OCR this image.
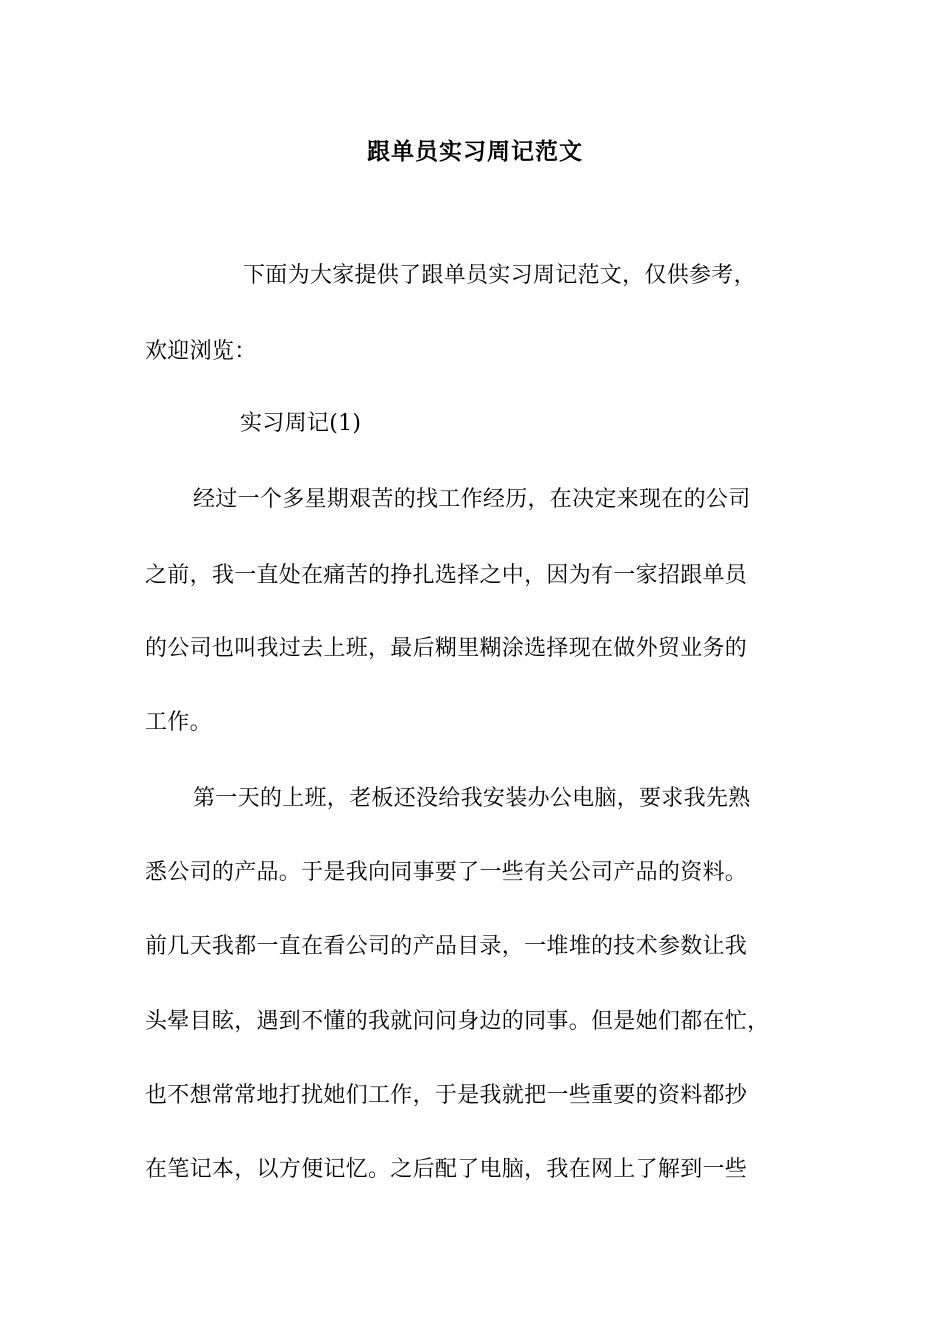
跟单员实习周记范文
下面为大家提供了跟单员实习周记范文，仅供参考，
欢迎浏览：
实习周记(1)
经过一个多星期艰苦的找工作经历，在决定来现在的公司
之前，我一直处在痛苦的挣扎选择之中，因为有一家招跟单员
的公司也叫我过去上班，最后糊里糊涂选择现在做外贸业务的
工作。
第一天的上班，老板还没给我安装办公电脑，要求我先熟
悉公司的产品。于是我向同事要了一些有关公司产品的资料。
前几天我都一直在看公司的产品目录，一堆堆的技术参数让我
头晕目眩，遇到不懂的我就问问身边的同事。但是她们都在忙，
也不想常常地打扰她们工作，于是我就把一些重要的资料都抄
在笔记本，以方便记忆。之后配了电脑，我在网上了解到一些
